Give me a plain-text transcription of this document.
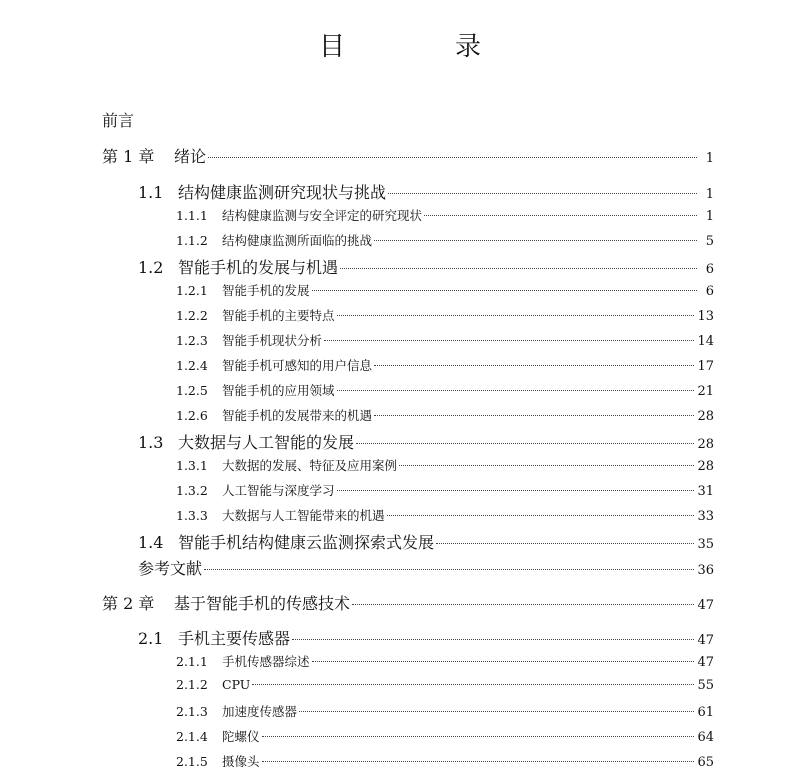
目　录
前言
第 1 章	绪论	1
1.1 结构健康监测研究现状与挑战	1
1.1.1	结构健康监测与安全评定的研究现状	1
1.1.2	结构健康监测所面临的挑战	5
1.2 智能手机的发展与机遇	6
1.2.1	智能手机的发展	6
1.2.2	智能手机的主要特点	13
1.2.3	智能手机现状分析	14
1.2.4	智能手机可感知的用户信息	17
1.2.5	智能手机的应用领域	21
1.2.6	智能手机的发展带来的机遇	28
1.3 大数据与人工智能的发展	28
1.3.1	大数据的发展、特征及应用案例	28
1.3.2	人工智能与深度学习	31
1.3.3	大数据与人工智能带来的机遇	33
1.4 智能手机结构健康云监测探索式发展	35
参考文献	36
第 2 章	基于智能手机的传感技术	47
2.1 手机主要传感器	47
2.1.1	手机传感器综述	47
2.1.2	CPU	55
2.1.3	加速度传感器	61
2.1.4	陀螺仪	64
2.1.5	摄像头	65
